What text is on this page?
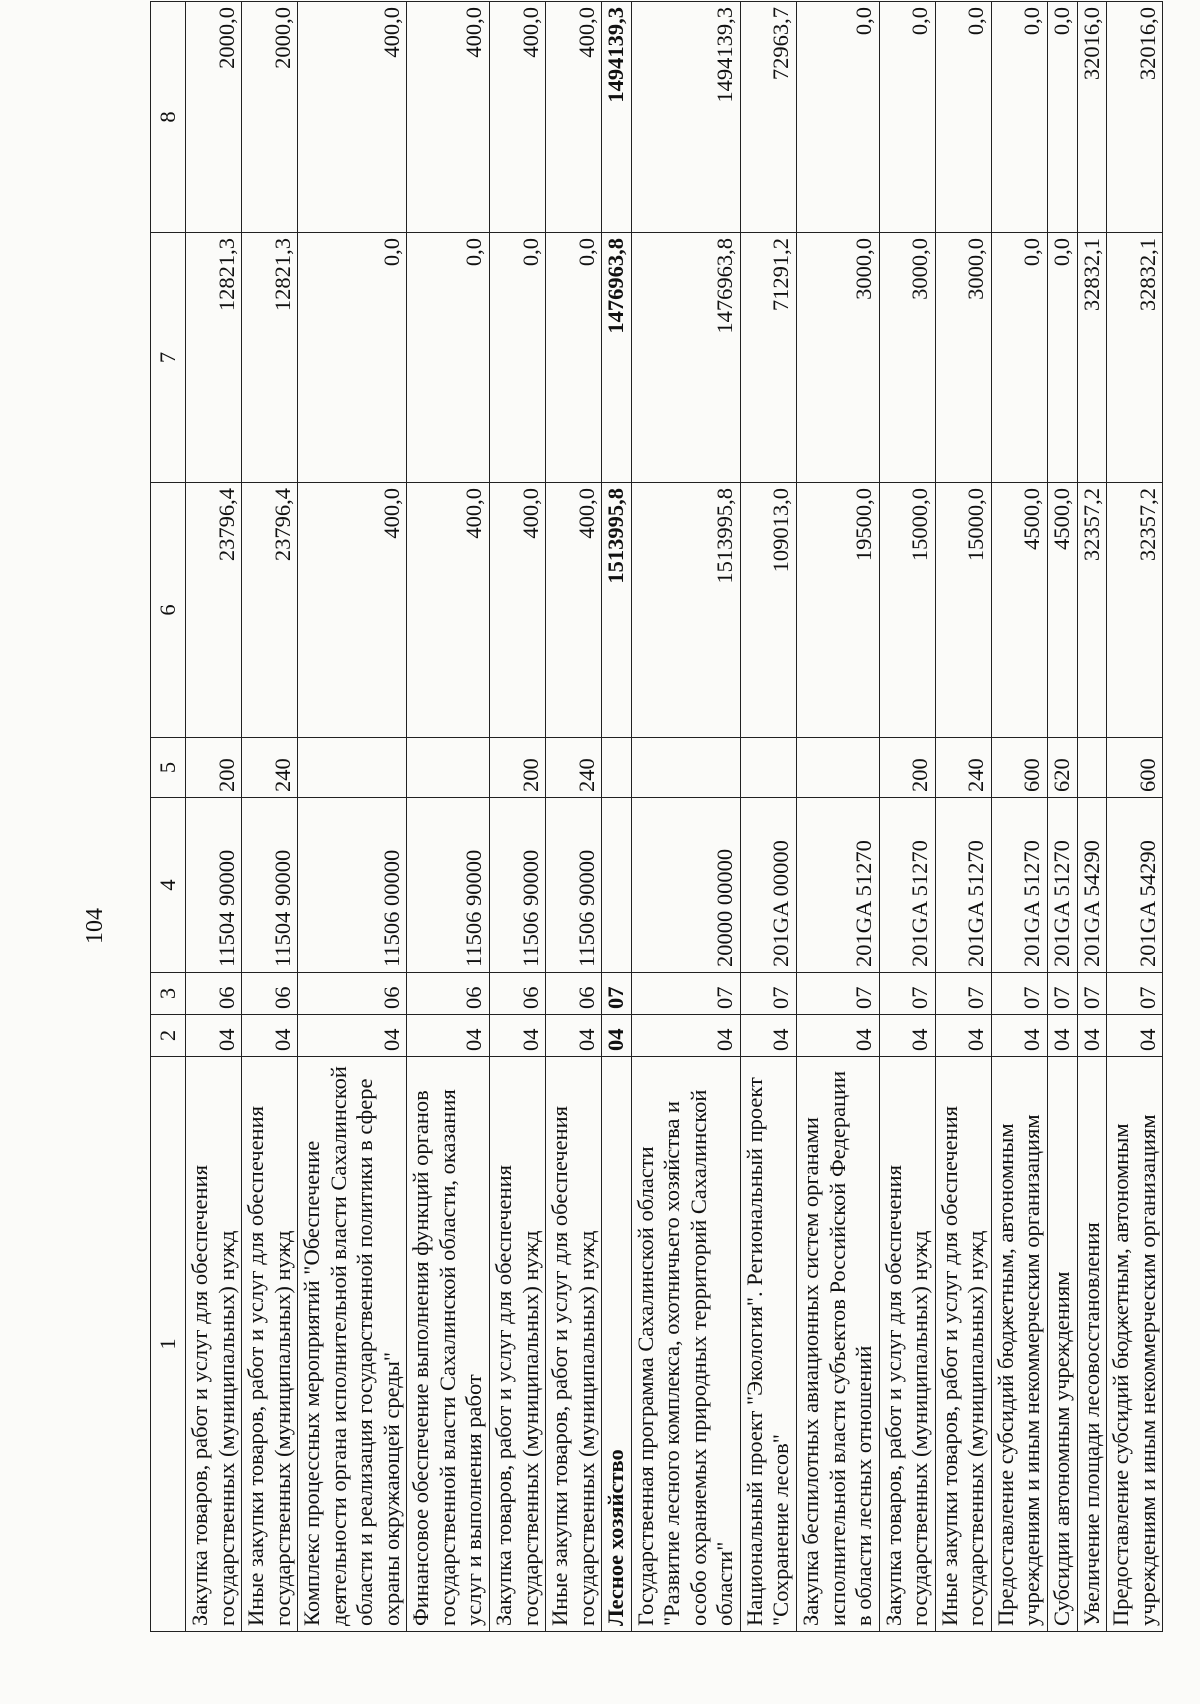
104
1	2	3	4	5	6	7	8
Закупка товаров, работ и услуг для обеспечения государственных (муниципальных) нужд	04	06	11504 90000	200	23796,4	12821,3	2000,0
Иные закупки товаров, работ и услуг для обеспечения государственных (муниципальных) нужд	04	06	11504 90000	240	23796,4	12821,3	2000,0
Комплекс процессных мероприятий "Обеспечение деятельности органа исполнительной власти Сахалинской области и реализация государственной политики в сфере охраны окружающей среды"	04	06	11506 00000		400,0	0,0	400,0
Финансовое обеспечение выполнения функций органов государственной власти Сахалинской области, оказания услуг и выполнения работ	04	06	11506 90000		400,0	0,0	400,0
Закупка товаров, работ и услуг для обеспечения государственных (муниципальных) нужд	04	06	11506 90000	200	400,0	0,0	400,0
Иные закупки товаров, работ и услуг для обеспечения государственных (муниципальных) нужд	04	06	11506 90000	240	400,0	0,0	400,0
Лесное хозяйство	04	07			1513995,8	1476963,8	1494139,3
Государственная программа Сахалинской области "Развитие лесного комплекса, охотничьего хозяйства и особо охраняемых природных территорий Сахалинской области"	04	07	20000 00000		1513995,8	1476963,8	1494139,3
Национальный проект "Экология". Региональный проект "Сохранение лесов"	04	07	201GA 00000		109013,0	71291,2	72963,7
Закупка беспилотных авиационных систем органами исполнительной власти субъектов Российской Федерации в области лесных отношений	04	07	201GA 51270		19500,0	3000,0	0,0
Закупка товаров, работ и услуг для обеспечения государственных (муниципальных) нужд	04	07	201GA 51270	200	15000,0	3000,0	0,0
Иные закупки товаров, работ и услуг для обеспечения государственных (муниципальных) нужд	04	07	201GA 51270	240	15000,0	3000,0	0,0
Предоставление субсидий бюджетным, автономным учреждениям и иным некоммерческим организациям	04	07	201GA 51270	600	4500,0	0,0	0,0
Субсидии автономным учреждениям	04	07	201GA 51270	620	4500,0	0,0	0,0
Увеличение площади лесовосстановления	04	07	201GA 54290		32357,2	32832,1	32016,0
Предоставление субсидий бюджетным, автономным учреждениям и иным некоммерческим организациям	04	07	201GA 54290	600	32357,2	32832,1	32016,0
